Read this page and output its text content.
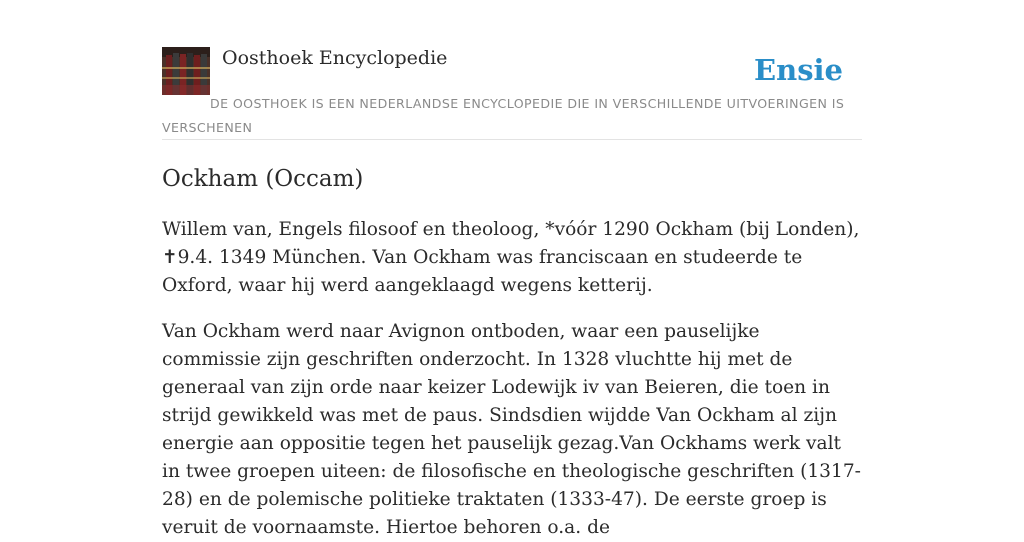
Oosthoek Encyclopedie	Ensie
DE OOSTHOEK IS EEN NEDERLANDSE ENCYCLOPEDIE DIE IN VERSCHILLENDE UITVOERINGEN IS VERSCHENEN
Ockham (Occam)

Willem van, Engels filosoof en theoloog, *vóór 1290 Ockham (bij Londen), ✝9.4. 1349 München. Van Ockham was franciscaan en studeerde te Oxford, waar hij werd aangeklaagd wegens ketterij.

Van Ockham werd naar Avignon ontboden, waar een pauselijke commissie zijn geschriften onderzocht. In 1328 vluchtte hij met de generaal van zijn orde naar keizer Lodewijk iv van Beieren, die toen in strijd gewikkeld was met de paus. Sindsdien wijdde Van Ockham al zijn energie aan oppositie tegen het pauselijk gezag.Van Ockhams werk valt in twee groepen uiteen: de filosofische en theologische geschriften (1317-28) en de polemische politieke traktaten (1333-47). De eerste groep is veruit de voornaamste. Hiertoe behoren o.a. de
